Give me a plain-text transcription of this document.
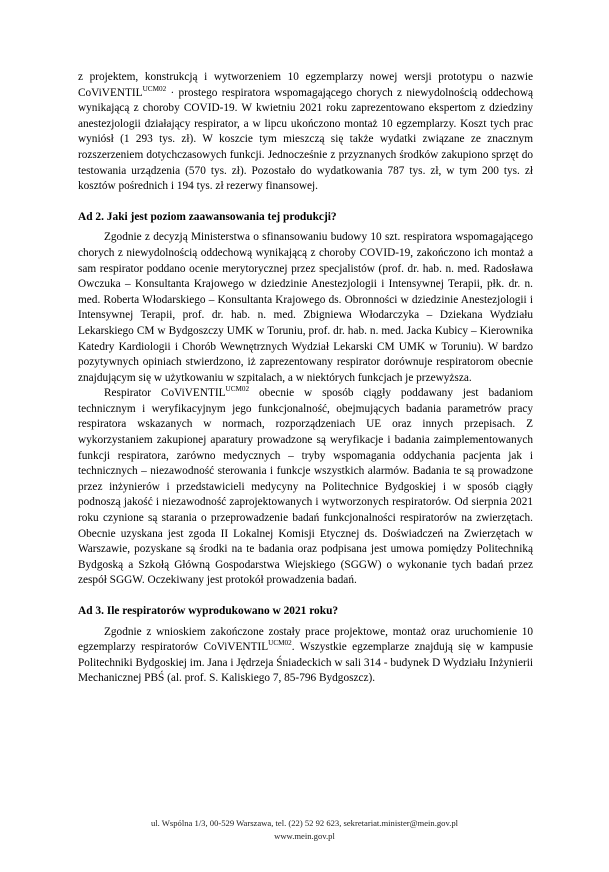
z projektem, konstrukcją i wytworzeniem 10 egzemplarzy nowej wersji prototypu o nazwie CoViVENTIL$^{UCM02}$ · prostego respiratora wspomagającego chorych z niewydolnością oddechową wynikającą z choroby COVID-19. W kwietniu 2021 roku zaprezentowano ekspertom z dziedziny anestezjologii działający respirator, a w lipcu ukończono montaż 10 egzemplarzy. Koszt tych prac wyniósł (1 293 tys. zł). W koszcie tym mieszczą się także wydatki związane ze znacznym rozszerzeniem dotychczasowych funkcji. Jednocześnie z przyznanych środków zakupiono sprzęt do testowania urządzenia (570 tys. zł). Pozostało do wydatkowania 787 tys. zł, w tym 200 tys. zł kosztów pośrednich i 194 tys. zł rezerwy finansowej.

Ad 2. Jaki jest poziom zaawansowania tej produkcji?

Zgodnie z decyzją Ministerstwa o sfinansowaniu budowy 10 szt. respiratora wspomagającego chorych z niewydolnością oddechową wynikającą z choroby COVID-19, zakończono ich montaż a sam respirator poddano ocenie merytorycznej przez specjalistów (prof. dr. hab. n. med. Radosława Owczuka – Konsultanta Krajowego w dziedzinie Anestezjologii i Intensywnej Terapii, płk. dr. n. med. Roberta Włodarskiego – Konsultanta Krajowego ds. Obronności w dziedzinie Anestezjologii i Intensywnej Terapii, prof. dr. hab. n. med. Zbigniewa Włodarczyka – Dziekana Wydziału Lekarskiego CM w Bydgoszczy UMK w Toruniu, prof. dr. hab. n. med. Jacka Kubicy – Kierownika Katedry Kardiologii i Chorób Wewnętrznych Wydział Lekarski CM UMK w Toruniu). W bardzo pozytywnych opiniach stwierdzono, iż zaprezentowany respirator dorównuje respiratorom obecnie znajdującym się w użytkowaniu w szpitalach, a w niektórych funkcjach je przewyższa.

Respirator CoViVENTIL$^{UCM02}$ obecnie w sposób ciągły poddawany jest badaniom technicznym i weryfikacyjnym jego funkcjonalność, obejmujących badania parametrów pracy respiratora wskazanych w normach, rozporządzeniach UE oraz innych przepisach. Z wykorzystaniem zakupionej aparatury prowadzone są weryfikacje i badania zaimplementowanych funkcji respiratora, zarówno medycznych – tryby wspomagania oddychania pacjenta jak i technicznych – niezawodność sterowania i funkcje wszystkich alarmów. Badania te są prowadzone przez inżynierów i przedstawicieli medycyny na Politechnice Bydgoskiej i w sposób ciągły podnoszą jakość i niezawodność zaprojektowanych i wytworzonych respiratorów. Od sierpnia 2021 roku czynione są starania o przeprowadzenie badań funkcjonalności respiratorów na zwierzętach. Obecnie uzyskana jest zgoda II Lokalnej Komisji Etycznej ds. Doświadczeń na Zwierzętach w Warszawie, pozyskane są środki na te badania oraz podpisana jest umowa pomiędzy Politechniką Bydgoską a Szkołą Główną Gospodarstwa Wiejskiego (SGGW) o wykonanie tych badań przez zespół SGGW. Oczekiwany jest protokół prowadzenia badań.

Ad 3. Ile respiratorów wyprodukowano w 2021 roku?

Zgodnie z wnioskiem zakończone zostały prace projektowe, montaż oraz uruchomienie 10 egzemplarzy respiratorów CoViVENTIL$^{UCM02}$. Wszystkie egzemplarze znajdują się w kampusie Politechniki Bydgoskiej im. Jana i Jędrzeja Śniadeckich w sali 314 - budynek D Wydziału Inżynierii Mechanicznej PBŚ (al. prof. S. Kaliskiego 7, 85-796 Bydgoszcz).

ul. Wspólna 1/3, 00-529 Warszawa, tel. (22) 52 92 623, sekretariat.minister@mein.gov.pl
www.mein.gov.pl
